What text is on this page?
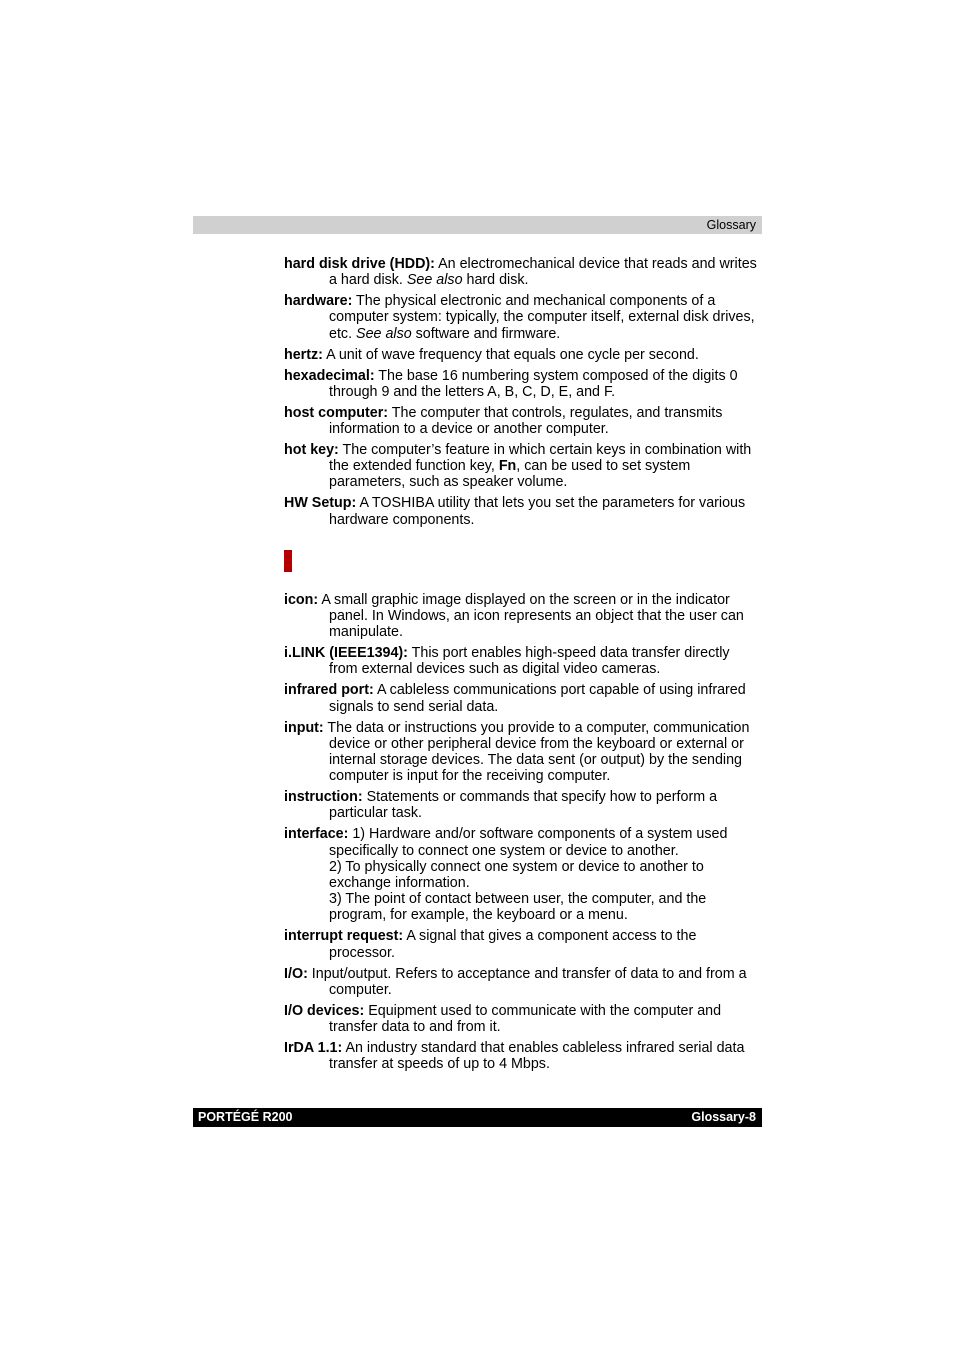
Glossary
hard disk drive (HDD): An electromechanical device that reads and writes a hard disk. See also hard disk.
hardware: The physical electronic and mechanical components of a computer system: typically, the computer itself, external disk drives, etc. See also software and firmware.
hertz: A unit of wave frequency that equals one cycle per second.
hexadecimal: The base 16 numbering system composed of the digits 0 through 9 and the letters A, B, C, D, E, and F.
host computer: The computer that controls, regulates, and transmits information to a device or another computer.
hot key: The computer’s feature in which certain keys in combination with the extended function key, Fn, can be used to set system parameters, such as speaker volume.
HW Setup: A TOSHIBA utility that lets you set the parameters for various hardware components.
icon: A small graphic image displayed on the screen or in the indicator panel. In Windows, an icon represents an object that the user can manipulate.
i.LINK (IEEE1394): This port enables high-speed data transfer directly from external devices such as digital video cameras.
infrared port: A cableless communications port capable of using infrared signals to send serial data.
input: The data or instructions you provide to a computer, communication device or other peripheral device from the keyboard or external or internal storage devices. The data sent (or output) by the sending computer is input for the receiving computer.
instruction: Statements or commands that specify how to perform a particular task.
interface: 1) Hardware and/or software components of a system used specifically to connect one system or device to another.
2) To physically connect one system or device to another to exchange information.
3) The point of contact between user, the computer, and the program, for example, the keyboard or a menu.
interrupt request: A signal that gives a component access to the processor.
I/O: Input/output. Refers to acceptance and transfer of data to and from a computer.
I/O devices: Equipment used to communicate with the computer and transfer data to and from it.
IrDA 1.1: An industry standard that enables cableless infrared serial data transfer at speeds of up to 4 Mbps.
PORTÉGÉ R200	Glossary-8
